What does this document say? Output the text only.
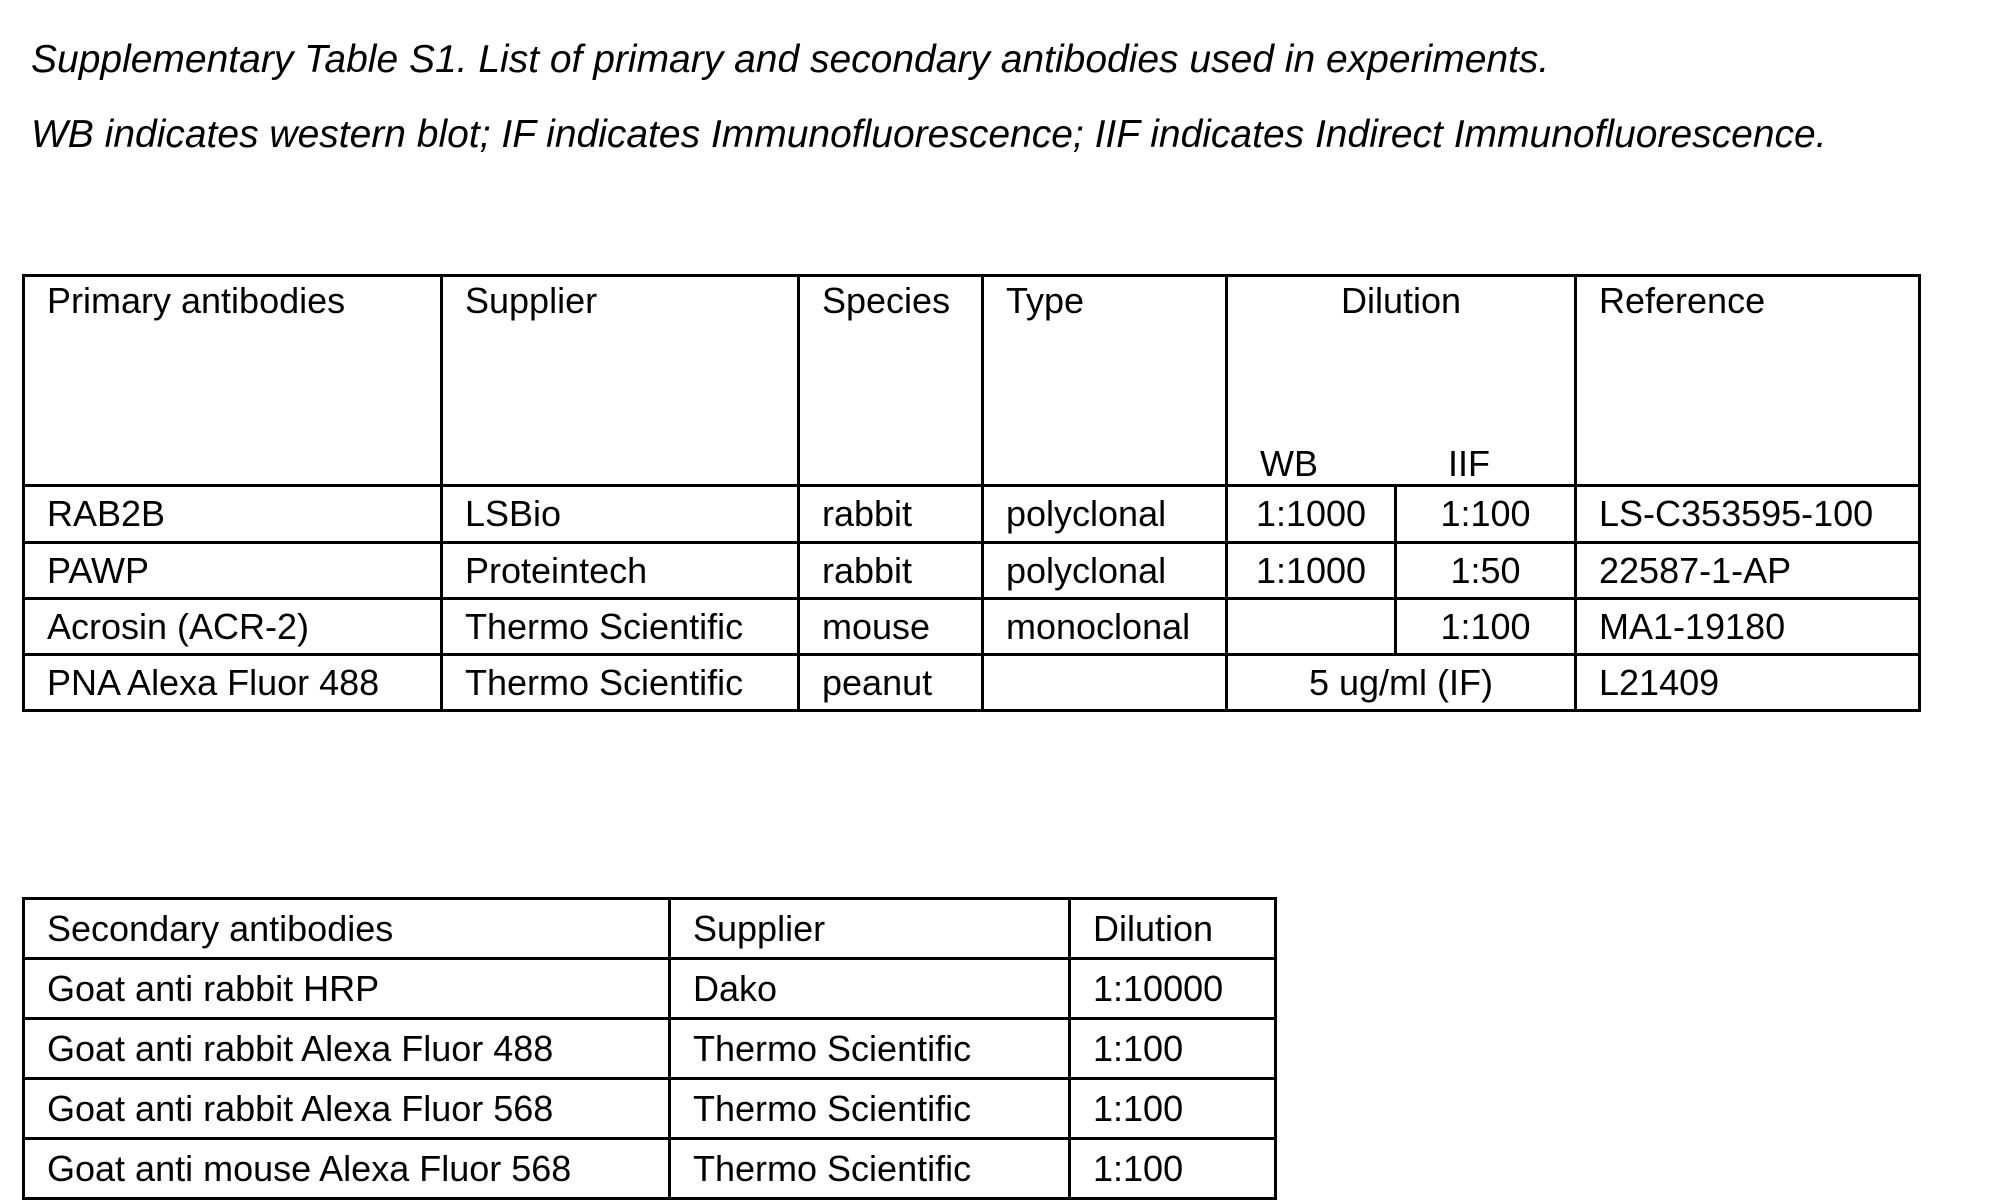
Supplementary Table S1. List of primary and secondary antibodies used in experiments.

WB indicates western blot; IF indicates Immunofluorescence; IIF indicates Indirect Immunofluorescence.

Primary antibodies	Supplier	Species	Type	Dilution		Reference

				WB IIF		

RAB2B	LSBio	rabbit	polyclonal	1:1000	1:100	LS-C353595-100
PAWP	Proteintech	rabbit	polyclonal	1:1000	1:50	22587-1-AP
Acrosin (ACR-2)	Thermo Scientific	mouse	monoclonal		1:100	MA1-19180
PNA Alexa Fluor 488	Thermo Scientific	peanut		5 ug/ml (IF)		L21409
Secondary antibodies	Supplier	Dilution
Goat anti rabbit HRP	Dako	1:10000
Goat anti rabbit Alexa Fluor 488	Thermo Scientific	1:100
Goat anti rabbit Alexa Fluor 568	Thermo Scientific	1:100
Goat anti mouse Alexa Fluor 568	Thermo Scientific	1:100
